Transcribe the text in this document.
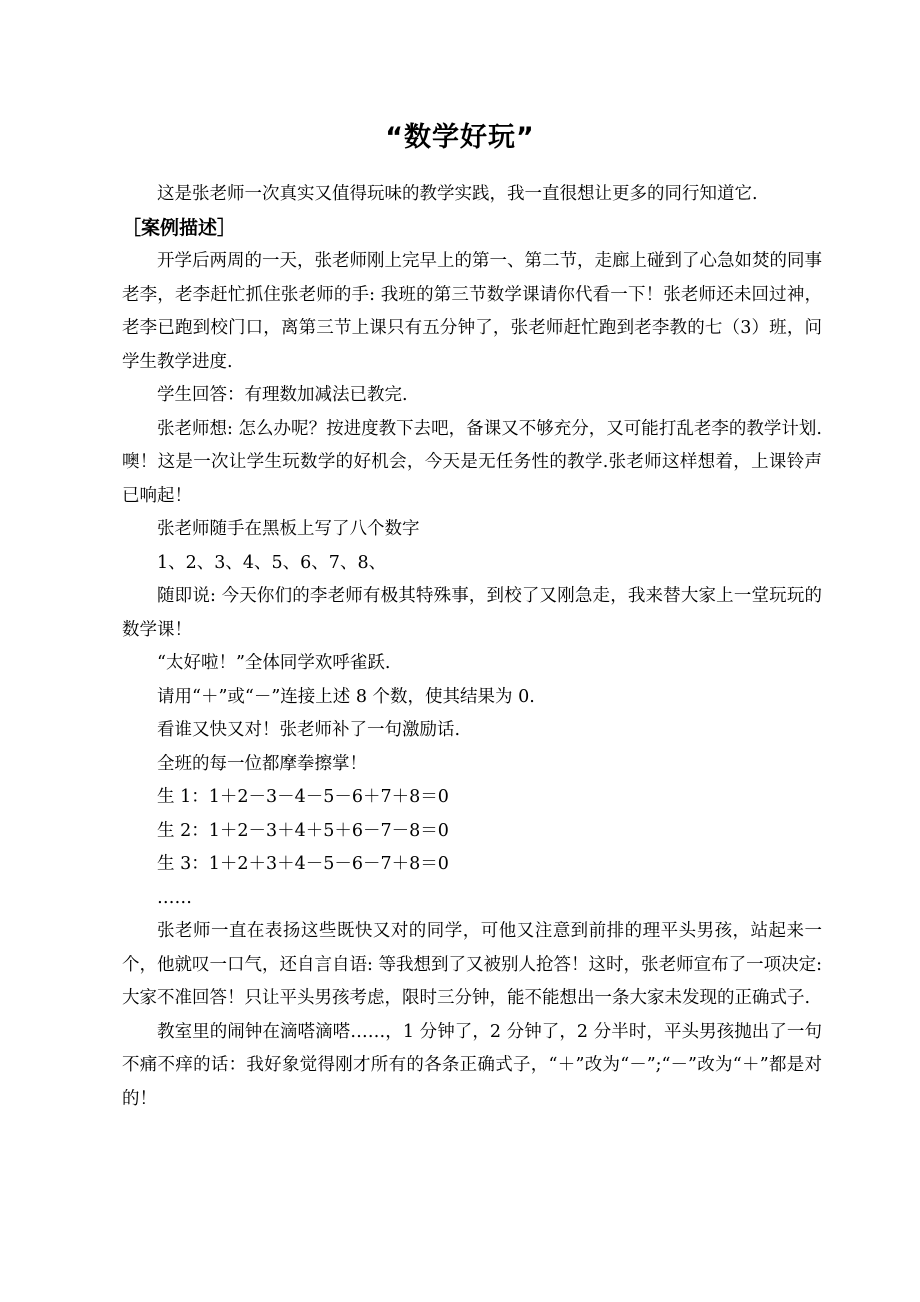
“数学好玩”

这是张老师一次真实又值得玩味的教学实践，我一直很想让更多的同行知道它.

［案例描述］

开学后两周的一天，张老师刚上完早上的第一、第二节，走廊上碰到了心急如焚的同事老李，老李赶忙抓住张老师的手: 我班的第三节数学课请你代看一下！张老师还未回过神，老李已跑到校门口，离第三节上课只有五分钟了，张老师赶忙跑到老李教的七（3）班，问学生教学进度.

学生回答：有理数加减法已教完.

张老师想: 怎么办呢？按进度教下去吧，备课又不够充分，又可能打乱老李的教学计划.噢！这是一次让学生玩数学的好机会，今天是无任务性的教学.张老师这样想着，上课铃声已响起！

张老师随手在黑板上写了八个数字

1、2、3、4、5、6、7、8、

随即说: 今天你们的李老师有极其特殊事，到校了又刚急走，我来替大家上一堂玩玩的数学课！

“太好啦！”全体同学欢呼雀跃.

请用“＋”或“－”连接上述 8 个数，使其结果为 0.

看谁又快又对！张老师补了一句激励话.

全班的每一位都摩拳擦掌！

生 1：1＋2－3－4－5－6＋7＋8＝0

生 2：1＋2－3＋4＋5＋6－7－8＝0

生 3：1＋2＋3＋4－5－6－7＋8＝0

……

张老师一直在表扬这些既快又对的同学，可他又注意到前排的理平头男孩，站起来一个，他就叹一口气，还自言自语: 等我想到了又被别人抢答！这时，张老师宣布了一项决定: 大家不准回答！只让平头男孩考虑，限时三分钟，能不能想出一条大家未发现的正确式子.

教室里的闹钟在滴嗒滴嗒……，1 分钟了，2 分钟了，2 分半时，平头男孩抛出了一句不痛不痒的话：我好象觉得刚才所有的各条正确式子，“＋”改为“－”;“－”改为“＋”都是对的！
